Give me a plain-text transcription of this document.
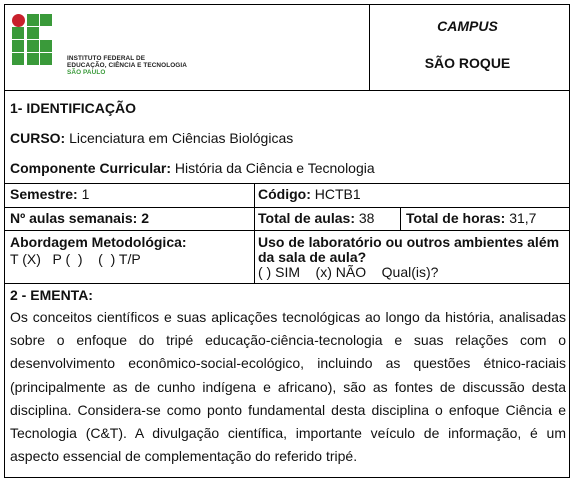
INSTITUTO FEDERAL DE
EDUCAÇÃO, CIÊNCIA E TECNOLOGIA
SÃO PAULO
CAMPUS
SÃO ROQUE
1- IDENTIFICAÇÃO
CURSO: Licenciatura em Ciências Biológicas
Componente Curricular: História da Ciência e Tecnologia
Semestre: 1	Código: HCTB1
Nº aulas semanais: 2	Total de aulas: 38 Total de horas: 31,7
Abordagem Metodológica:
T (X)   P (  )    (  ) T/P
Uso de laboratório ou outros ambientes além
da sala de aula?
( ) SIM    (x) NÃO    Qual(is)?
2 - EMENTA:
Os conceitos científicos e suas aplicações tecnológicas ao longo da história, analisadas sobre o enfoque do tripé educação-ciência-tecnologia e suas relações com o desenvolvimento econômico-social-ecológico, incluindo as questões étnico-raciais (principalmente as de cunho indígena e africano), são as fontes de discussão desta disciplina. Considera-se como ponto fundamental desta disciplina o enfoque Ciência e Tecnologia (C&T). A divulgação científica, importante veículo de informação, é um aspecto essencial de complementação do referido tripé.
